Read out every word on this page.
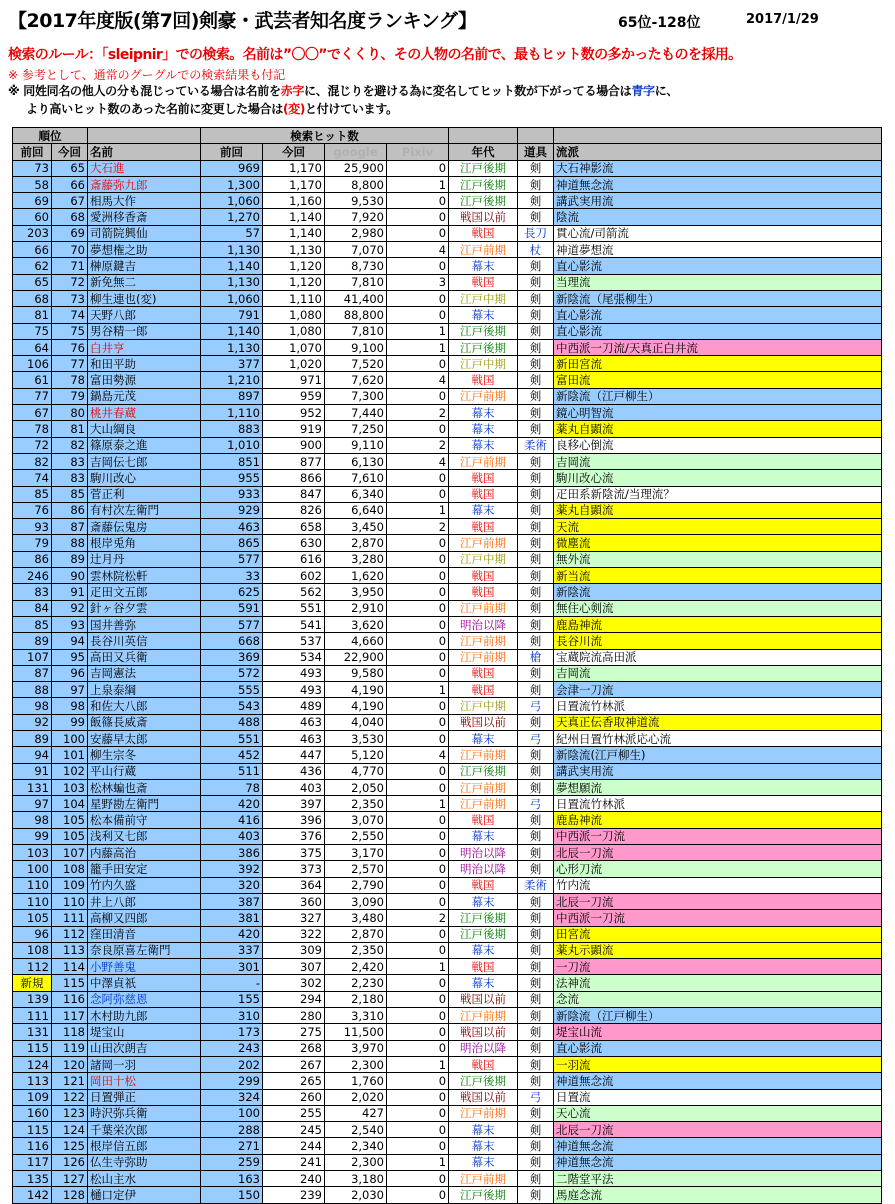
【2017年度版(第7回)剣豪・武芸者知名度ランキング】	65位-128位	2017/1/29
検索のルール：「sleipnir」での検索。名前は”〇〇”でくくり、その人物の名前で、最もヒット数の多かったものを採用。
※ 参考として、通常のグーグルでの検索結果も付記
※ 同姓同名の他人の分も混じっている場合は名前を赤字に、混じりを避ける為に変名してヒット数が下がってる場合は青字に、
より高いヒット数のあった名前に変更した場合は(変)と付けています。
順位			検索ヒット数						
前回	今回	名前	前回	今回	google	Pixiv	年代	道具	流派
73	65	大石進	969	1,170	25,900	0	江戸後期	剣	大石神影流
58	66	斎藤弥九郎	1,300	1,170	8,800	1	江戸後期	剣	神道無念流
69	67	相馬大作	1,060	1,160	9,530	0	江戸後期	剣	講武実用流
60	68	愛洲移香斎	1,270	1,140	7,920	0	戦国以前	剣	陰流
203	69	司箭院興仙	57	1,140	2,980	0	戦国	長刀	貫心流/司箭流
66	70	夢想権之助	1,130	1,130	7,070	4	江戸前期	杖	神道夢想流
62	71	榊原鍵吉	1,140	1,120	8,730	0	幕末	剣	直心影流
65	72	新免無二	1,130	1,120	7,810	3	戦国	剣	当理流
68	73	柳生連也(変)	1,060	1,110	41,400	0	江戸中期	剣	新陰流（尾張柳生）
81	74	天野八郎	791	1,080	88,800	0	幕末	剣	直心影流
75	75	男谷精一郎	1,140	1,080	7,810	1	江戸後期	剣	直心影流
64	76	白井亨	1,130	1,070	9,100	1	江戸後期	剣	中西派一刀流/天真正白井流
106	77	和田平助	377	1,020	7,520	0	江戸中期	剣	新田宮流
61	78	富田勢源	1,210	971	7,620	4	戦国	剣	富田流
77	79	鍋島元茂	897	959	7,300	0	江戸前期	剣	新陰流（江戸柳生）
67	80	桃井春蔵	1,110	952	7,440	2	幕末	剣	鏡心明智流
78	81	大山綱良	883	919	7,250	0	幕末	剣	薬丸自顕流
72	82	篠原泰之進	1,010	900	9,110	2	幕末	柔術	良移心倒流
82	83	吉岡伝七郎	851	877	6,130	4	江戸前期	剣	吉岡流
74	83	駒川改心	955	866	7,610	0	戦国	剣	駒川改心流
85	85	菅正利	933	847	6,340	0	戦国	剣	疋田系新陰流/当理流？
76	86	有村次左衛門	929	826	6,640	1	幕末	剣	薬丸自顕流
93	87	斎藤伝鬼房	463	658	3,450	2	戦国	剣	天流
79	88	根岸兎角	865	630	2,870	0	江戸前期	剣	微塵流
86	89	辻月丹	577	616	3,280	0	江戸中期	剣	無外流
246	90	雲林院松軒	33	602	1,620	0	戦国	剣	新当流
83	91	疋田文五郎	625	562	3,950	0	戦国	剣	新陰流
84	92	針ヶ谷夕雲	591	551	2,910	0	江戸前期	剣	無住心剣流
85	93	国井善弥	577	541	3,620	0	明治以降	剣	鹿島神流
89	94	長谷川英信	668	537	4,660	0	江戸前期	剣	長谷川流
107	95	高田又兵衛	369	534	22,900	0	江戸前期	槍	宝蔵院流高田派
87	96	吉岡憲法	572	493	9,580	0	戦国	剣	吉岡流
88	97	上泉泰綱	555	493	4,190	1	戦国	剣	会津一刀流
98	98	和佐大八郎	543	489	4,190	0	江戸中期	弓	日置流竹林派
92	99	飯篠長威斎	488	463	4,040	0	戦国以前	剣	天真正伝香取神道流
89	100	安藤早太郎	551	463	3,530	0	幕末	弓	紀州日置竹林派応心流
94	101	柳生宗冬	452	447	5,120	4	江戸前期	剣	新陰流(江戸柳生)
91	102	平山行蔵	511	436	4,770	0	江戸後期	剣	講武実用流
131	103	松林蝙也斎	78	403	2,050	0	江戸前期	剣	夢想願流
97	104	星野勘左衛門	420	397	2,350	1	江戸前期	弓	日置流竹林派
98	105	松本備前守	416	396	3,070	0	戦国	剣	鹿島神流
99	105	浅利又七郎	403	376	2,550	0	幕末	剣	中西派一刀流
103	107	内藤高治	386	375	3,170	0	明治以降	剣	北辰一刀流
100	108	籠手田安定	392	373	2,570	0	明治以降	剣	心形刀流
110	109	竹内久盛	320	364	2,790	0	戦国	柔術	竹内流
110	110	井上八郎	387	360	3,090	0	幕末	剣	北辰一刀流
105	111	高柳又四郎	381	327	3,480	2	江戸後期	剣	中西派一刀流
96	112	窪田清音	420	322	2,870	0	江戸後期	剣	田宮流
108	113	奈良原喜左衛門	337	309	2,350	0	幕末	剣	薬丸示顕流
112	114	小野善鬼	301	307	2,420	1	戦国	剣	一刀流
新規	115	中澤貞祇	-	302	2,230	0	幕末	剣	法神流
139	116	念阿弥慈恩	155	294	2,180	0	戦国以前	剣	念流
111	117	木村助九郎	310	280	3,310	0	江戸前期	剣	新陰流（江戸柳生）
131	118	堤宝山	173	275	11,500	0	戦国以前	剣	堤宝山流
115	119	山田次朗吉	243	268	3,970	0	明治以降	剣	直心影流
124	120	諸岡一羽	202	267	2,300	1	戦国	剣	一羽流
113	121	岡田十松	299	265	1,760	0	江戸後期	剣	神道無念流
109	122	日置弾正	324	260	2,020	0	戦国以前	弓	日置流
160	123	時沢弥兵衛	100	255	427	0	江戸前期	剣	天心流
115	124	千葉栄次郎	288	245	2,540	0	幕末	剣	北辰一刀流
116	125	根岸信五郎	271	244	2,340	0	幕末	剣	神道無念流
117	126	仏生寺弥助	259	241	2,300	1	幕末	剣	神道無念流
135	127	松山主水	163	240	3,180	0	江戸前期	剣	二階堂平法
142	128	樋口定伊	150	239	2,030	0	江戸後期	剣	馬庭念流
